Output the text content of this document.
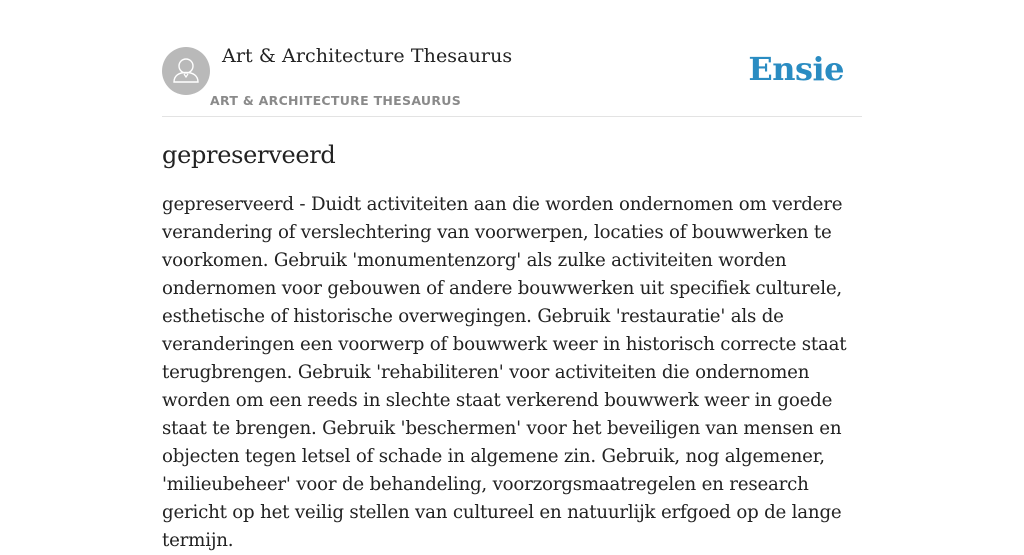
Art & Architecture Thesaurus
ART & ARCHITECTURE THESAURUS
Ensie
gepreserveerd

gepreserveerd - Duidt activiteiten aan die worden ondernomen om verdere verandering of verslechtering van voorwerpen, locaties of bouwwerken te voorkomen. Gebruik 'monumentenzorg' als zulke activiteiten worden ondernomen voor gebouwen of andere bouwwerken uit specifiek culturele, esthetische of historische overwegingen. Gebruik 'restauratie' als de veranderingen een voorwerp of bouwwerk weer in historisch correcte staat terugbrengen. Gebruik 'rehabiliteren' voor activiteiten die ondernomen worden om een reeds in slechte staat verkerend bouwwerk weer in goede staat te brengen. Gebruik 'beschermen' voor het beveiligen van mensen en objecten tegen letsel of schade in algemene zin. Gebruik, nog algemener, 'milieubeheer' voor de behandeling, voorzorgsmaatregelen en research gericht op het veilig stellen van cultureel en natuurlijk erfgoed op de lange termijn.
